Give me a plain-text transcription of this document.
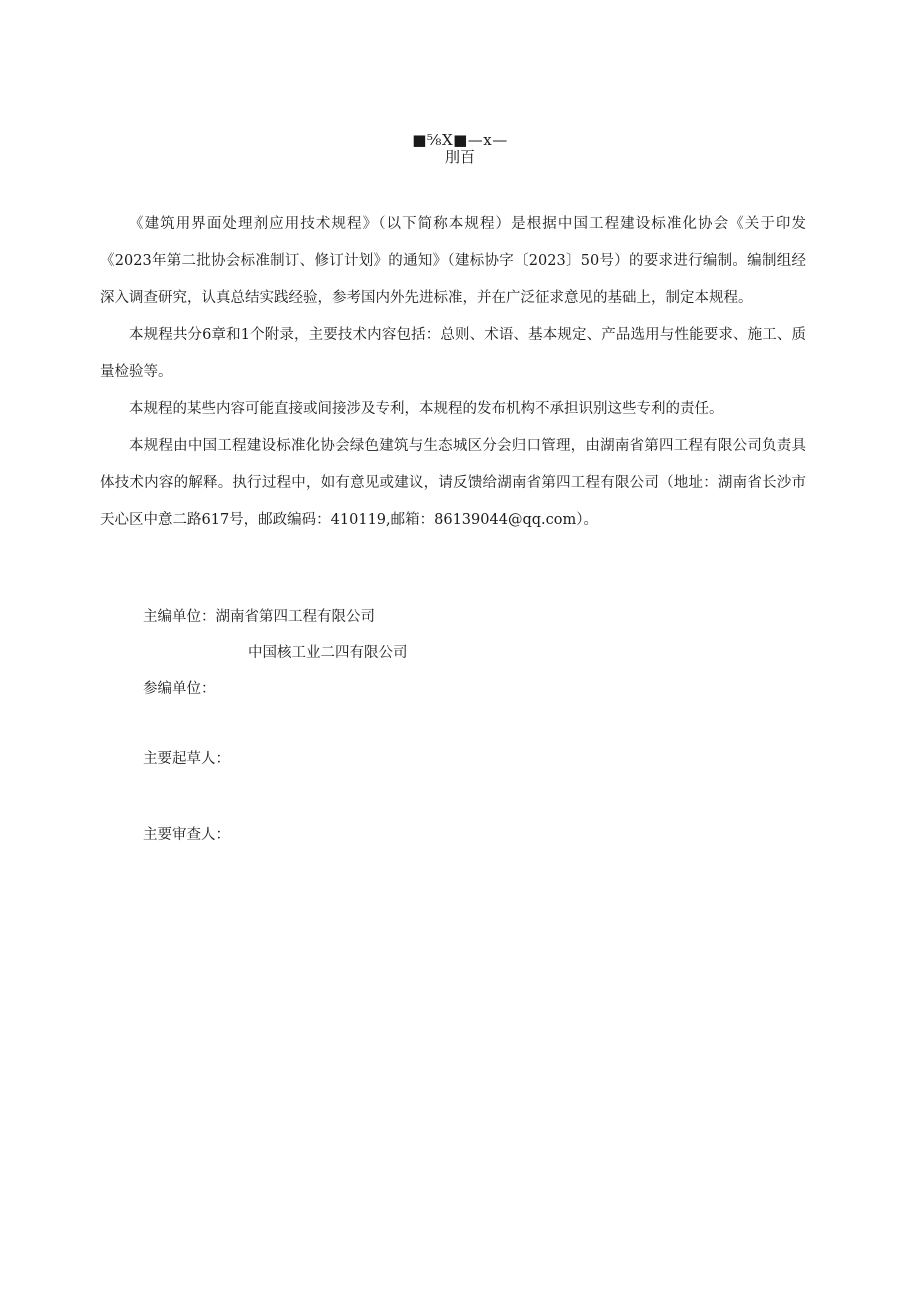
■⅝X■—x—
刖百

《建筑用界面处理剂应用技术规程》（以下简称本规程）是根据中国工程建设标准化协会《关于印发《2023年第二批协会标准制订、修订计划》的通知》（建标协字〔2023〕50号）的要求进行编制。编制组经深入调查研究，认真总结实践经验，参考国内外先进标准，并在广泛征求意见的基础上，制定本规程。

本规程共分6章和1个附录，主要技术内容包括：总则、术语、基本规定、产品选用与性能要求、施工、质量检验等。

本规程的某些内容可能直接或间接涉及专利，本规程的发布机构不承担识别这些专利的责任。

本规程由中国工程建设标准化协会绿色建筑与生态城区分会归口管理，由湖南省第四工程有限公司负责具体技术内容的解释。执行过程中，如有意见或建议，请反馈给湖南省第四工程有限公司（地址：湖南省长沙市天心区中意二路617号，邮政编码：410119,邮箱：86139044@qq.com）。

主编单位：湖南省第四工程有限公司
中国核工业二四有限公司
参编单位：
主要起草人：
主要审查人：
